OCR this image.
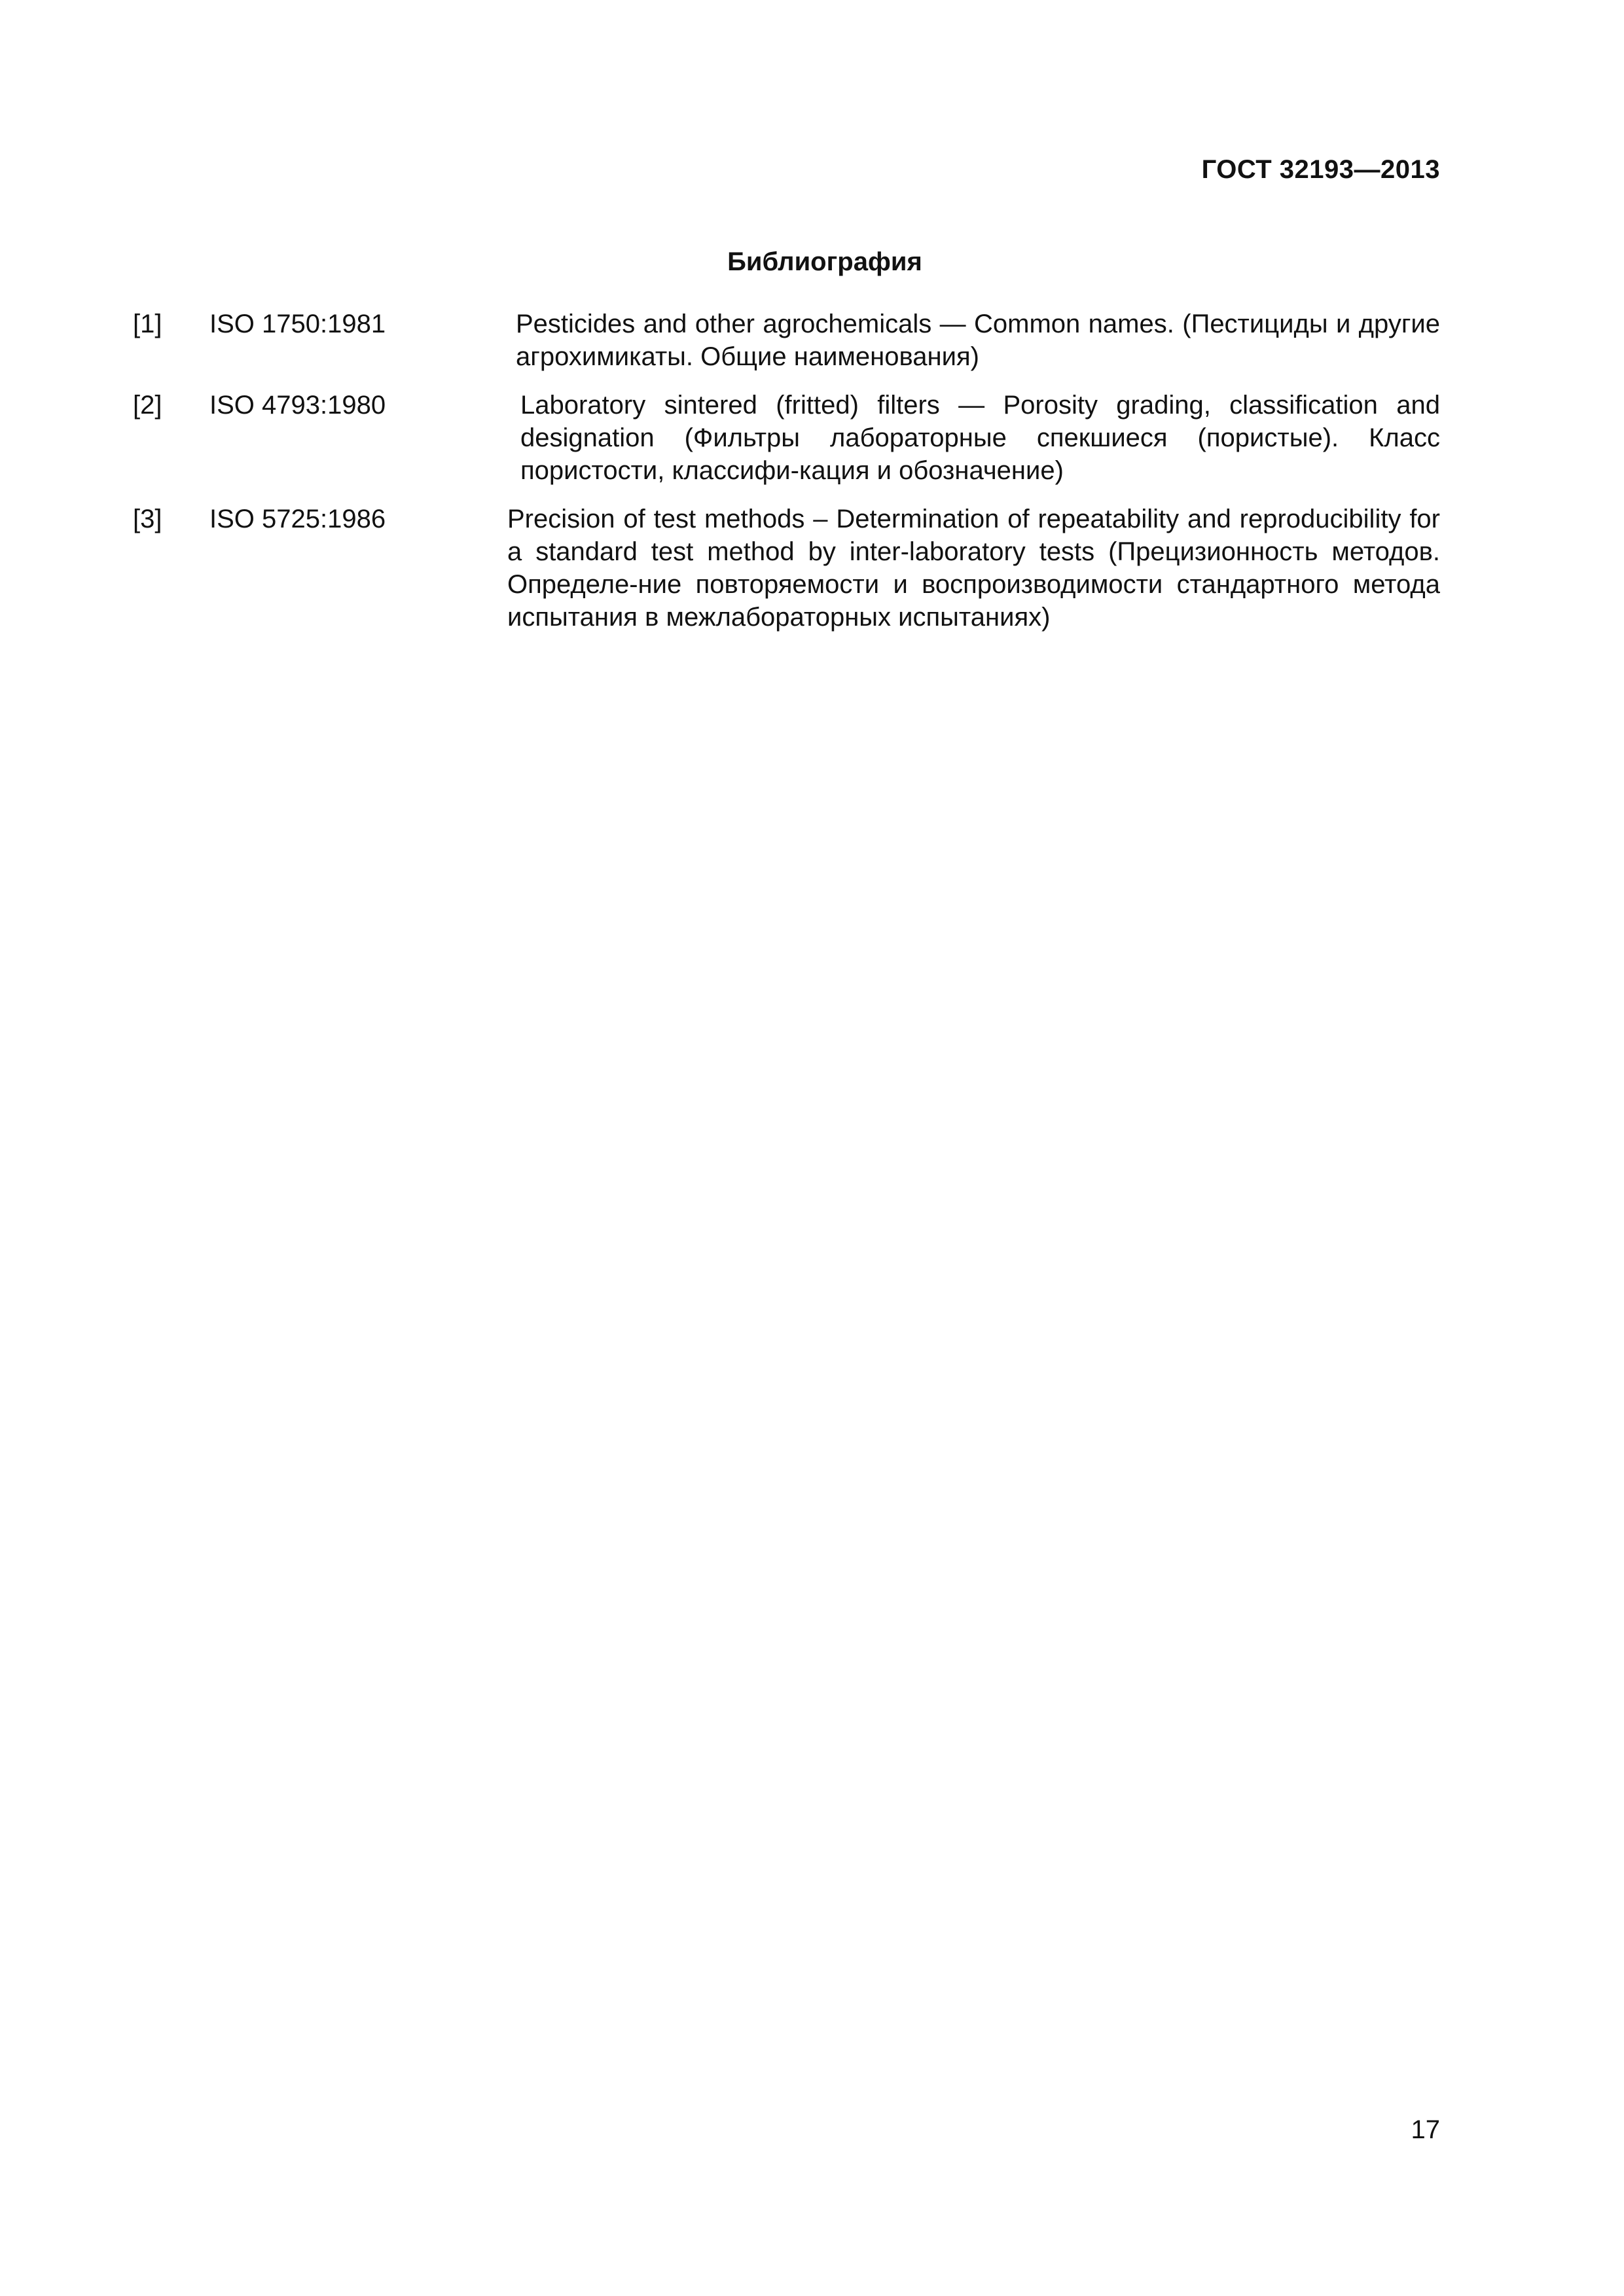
ГОСТ 32193—2013
Библиография
[1] ISO 1750:1981	Pesticides and other agrochemicals — Common names. (Пестициды и другие агрохимикаты. Общие наименования)
[2] ISO 4793:1980	Laboratory sintered (fritted) filters — Porosity grading, classification and designation (Фильтры лабораторные спекшиеся (пористые). Класс пористости, классифи-кация и обозначение)
[3] ISO 5725:1986	Precision of test methods – Determination of repeatability and reproducibility for a standard test method by inter-laboratory tests (Прецизионность методов. Определе-ние повторяемости и воспроизводимости стандартного метода испытания в межлабораторных испытаниях)
17
